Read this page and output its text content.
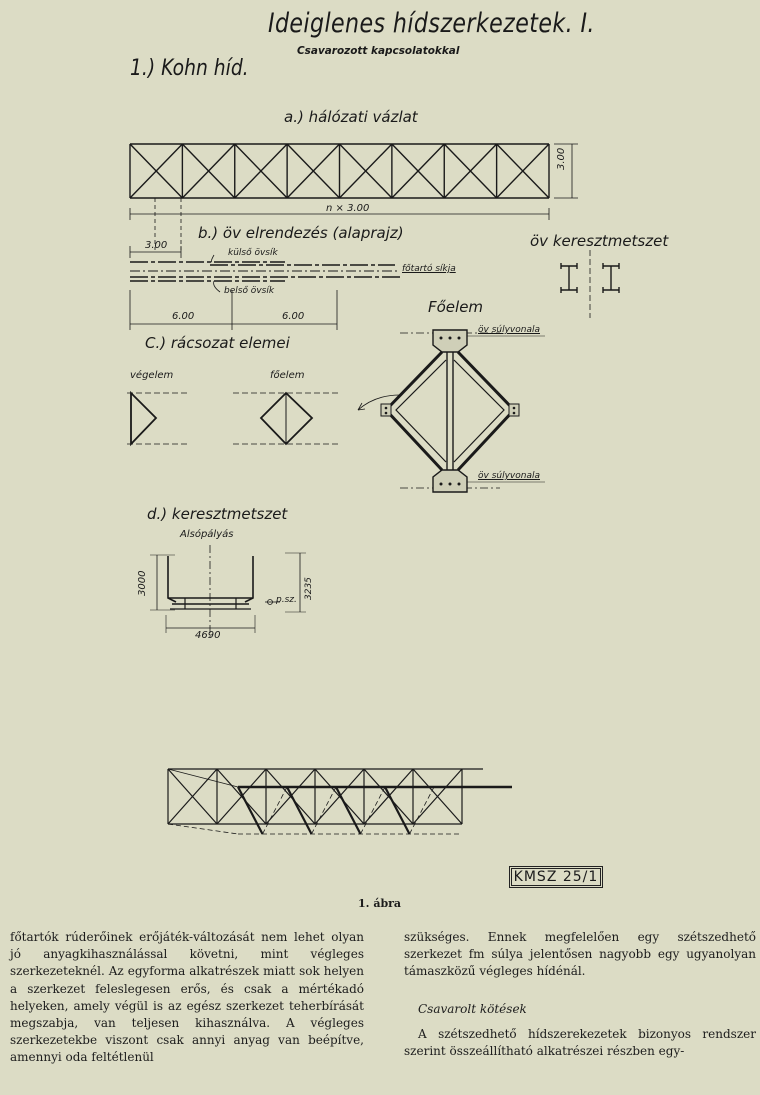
Ideiglenes hídszerkezetek. I.
Csavarozott kapcsolatokkal
1.) Kohn híd.
a.) hálózati vázlat
3.00
n × 3.00
b.) öv elrendezés (alaprajz)
3.00
külső övsík
főtartó síkja
belső övsík
6.00	6.00
öv keresztmetszet
C.) rácsozat elemei
végelem	főelem
Főelem
öv súlyvonala
öv súlyvonala
d.) keresztmetszet
Alsópályás
3000	3235
p.sz.
4690
KMSZ 25/1
1. ábra

főtartók rúderőinek erőjáték-változását nem lehet olyan jó anyagkihasználással követni, mint végleges szerkezeteknél. Az egyforma alkatrészek miatt sok helyen a szerkezet feleslegesen erős, és csak a mértékadó helyeken, amely végül is az egész szerkezet teherbírását megszabja, van teljesen kihasználva. A végleges szerkezetekbe viszont csak annyi anyag van beépítve, amennyi oda feltétlenül

szükséges. Ennek megfelelően egy szétszedhető szerkezet fm súlya jelentősen nagyobb egy ugyanolyan támaszközű végleges hídénál.

Csavarolt kötések

A szétszedhető hídszerekezetek bizonyos rendszer szerint összeállítható alkatrészei részben egy-
